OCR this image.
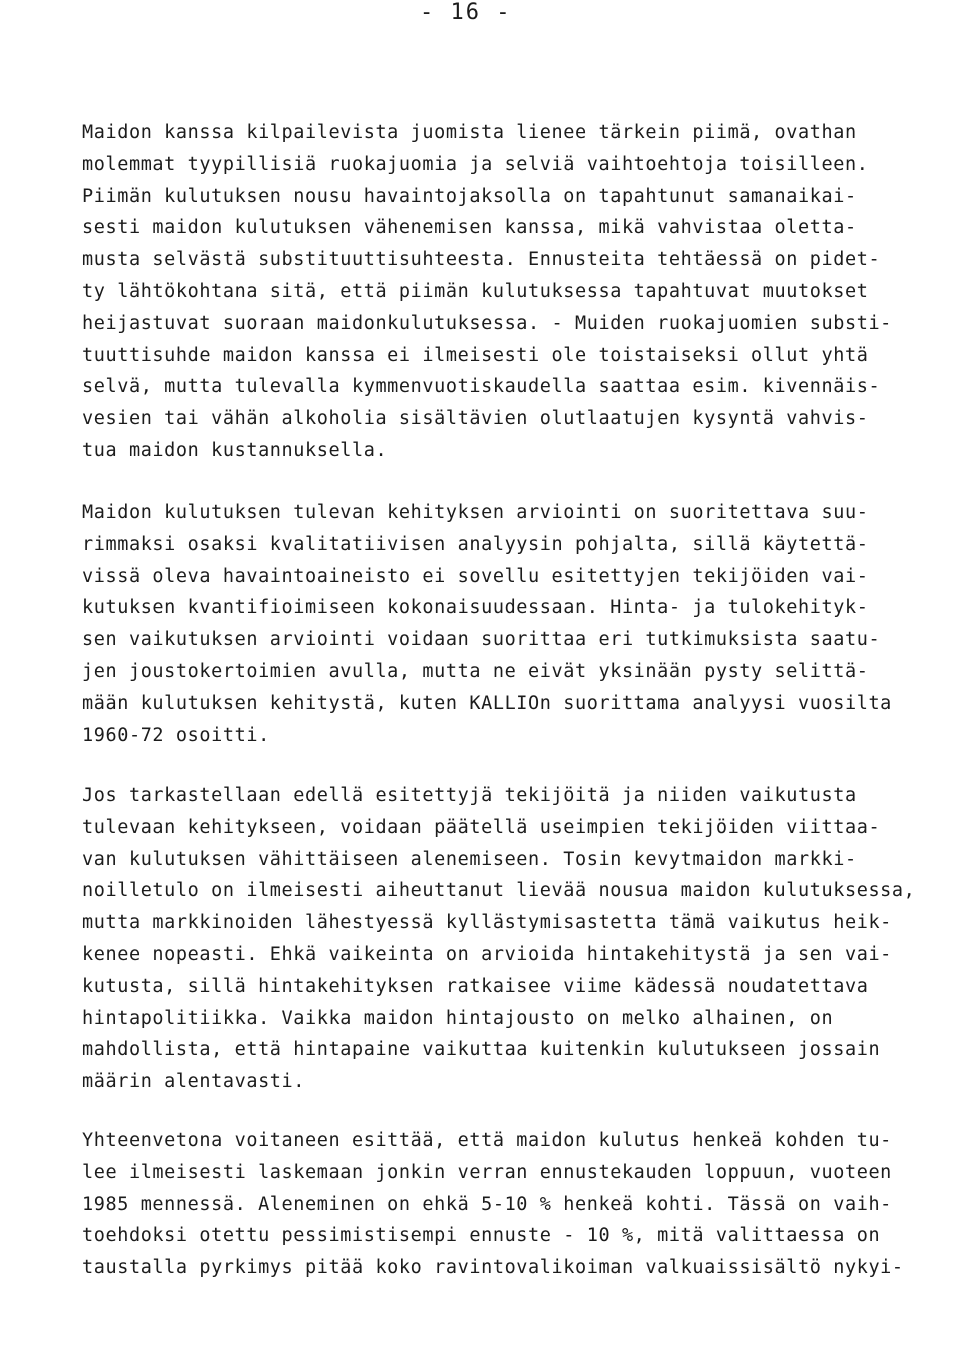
- 16 -
Maidon kanssa kilpailevista juomista lienee tärkein piimä, ovathan
molemmat tyypillisiä ruokajuomia ja selviä vaihtoehtoja toisilleen.
Piimän kulutuksen nousu havaintojaksolla on tapahtunut samanaikai-
sesti maidon kulutuksen vähenemisen kanssa, mikä vahvistaa oletta-
musta selvästä substituuttisuhteesta. Ennusteita tehtäessä on pidet-
ty lähtökohtana sitä, että piimän kulutuksessa tapahtuvat muutokset
heijastuvat suoraan maidonkulutuksessa. - Muiden ruokajuomien substi-
tuuttisuhde maidon kanssa ei ilmeisesti ole toistaiseksi ollut yhtä
selvä, mutta tulevalla kymmenvuotiskaudella saattaa esim. kivennäis-
vesien tai vähän alkoholia sisältävien olutlaatujen kysyntä vahvis-
tua maidon kustannuksella.
Maidon kulutuksen tulevan kehityksen arviointi on suoritettava suu-
rimmaksi osaksi kvalitatiivisen analyysin pohjalta, sillä käytettä-
vissä oleva havaintoaineisto ei sovellu esitettyjen tekijöiden vai-
kutuksen kvantifioimiseen kokonaisuudessaan. Hinta- ja tulokehityk-
sen vaikutuksen arviointi voidaan suorittaa eri tutkimuksista saatu-
jen joustokertoimien avulla, mutta ne eivät yksinään pysty selittä-
mään kulutuksen kehitystä, kuten KALLIOn suorittama analyysi vuosilta
1960-72 osoitti.
Jos tarkastellaan edellä esitettyjä tekijöitä ja niiden vaikutusta
tulevaan kehitykseen, voidaan päätellä useimpien tekijöiden viittaa-
van kulutuksen vähittäiseen alenemiseen. Tosin kevytmaidon markki-
noilletulo on ilmeisesti aiheuttanut lievää nousua maidon kulutuksessa,
mutta markkinoiden lähestyessä kyllästymisastetta tämä vaikutus heik-
kenee nopeasti. Ehkä vaikeinta on arvioida hintakehitystä ja sen vai-
kutusta, sillä hintakehityksen ratkaisee viime kädessä noudatettava
hintapolitiikka. Vaikka maidon hintajousto on melko alhainen, on
mahdollista, että hintapaine vaikuttaa kuitenkin kulutukseen jossain
määrin alentavasti.
Yhteenvetona voitaneen esittää, että maidon kulutus henkeä kohden tu-
lee ilmeisesti laskemaan jonkin verran ennustekauden loppuun, vuoteen
1985 mennessä. Aleneminen on ehkä 5-10 % henkeä kohti. Tässä on vaih-
toehdoksi otettu pessimistisempi ennuste - 10 %, mitä valittaessa on
taustalla pyrkimys pitää koko ravintovalikoiman valkuaissisältö nykyi-
